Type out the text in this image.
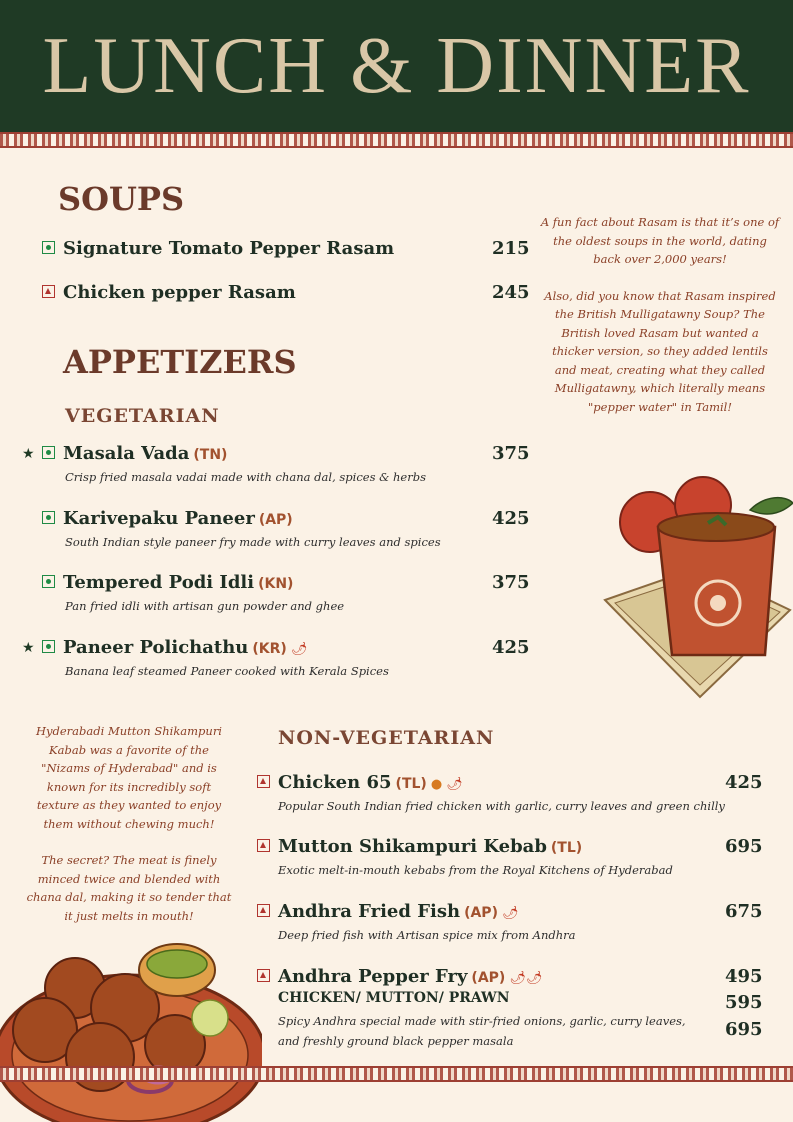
LUNCH & DINNER
SOUPS
Signature Tomato Pepper Rasam	215
Chicken pepper Rasam	245

A fun fact about Rasam is that it’s one of the oldest soups in the world, dating back over 2,000 years!

Also, did you know that Rasam inspired the British Mulligatawny Soup? The British loved Rasam but wanted a thicker version, so they added lentils and meat, creating what they called Mulligatawny, which literally means "pepper water" in Tamil!

APPETIZERS
VEGETARIAN
★	Masala Vada (TN)
Crisp fried masala vadai made with chana dal, spices & herbs
375
Karivepaku Paneer (AP)
South Indian style paneer fry made with curry leaves and spices
425
Tempered Podi Idli (KN)
Pan fried idli with artisan gun powder and ghee
375
★	Paneer Polichathu (KR) 🌶
Banana leaf steamed Paneer cooked with Kerala Spices
425

Hyderabadi Mutton Shikampuri Kabab was a favorite of the "Nizams of Hyderabad" and is known for its incredibly soft texture as they wanted to enjoy them without chewing much!

The secret? The meat is finely minced twice and blended with chana dal, making it so tender that it just melts in mouth!

NON-VEGETARIAN
Chicken 65 (TL) ● 🌶
Popular South Indian fried chicken with garlic, curry leaves and green chilly
425
Mutton Shikampuri Kebab (TL)
Exotic melt-in-mouth kebabs from the Royal Kitchens of Hyderabad
695
Andhra Fried Fish (AP) 🌶
Deep fried fish with Artisan spice mix from Andhra
675
Andhra Pepper Fry (AP) 🌶🌶
CHICKEN/ MUTTON/ PRAWN
Spicy Andhra special made with stir-fried onions, garlic, curry leaves,
and freshly ground black pepper masala
495
595
695
